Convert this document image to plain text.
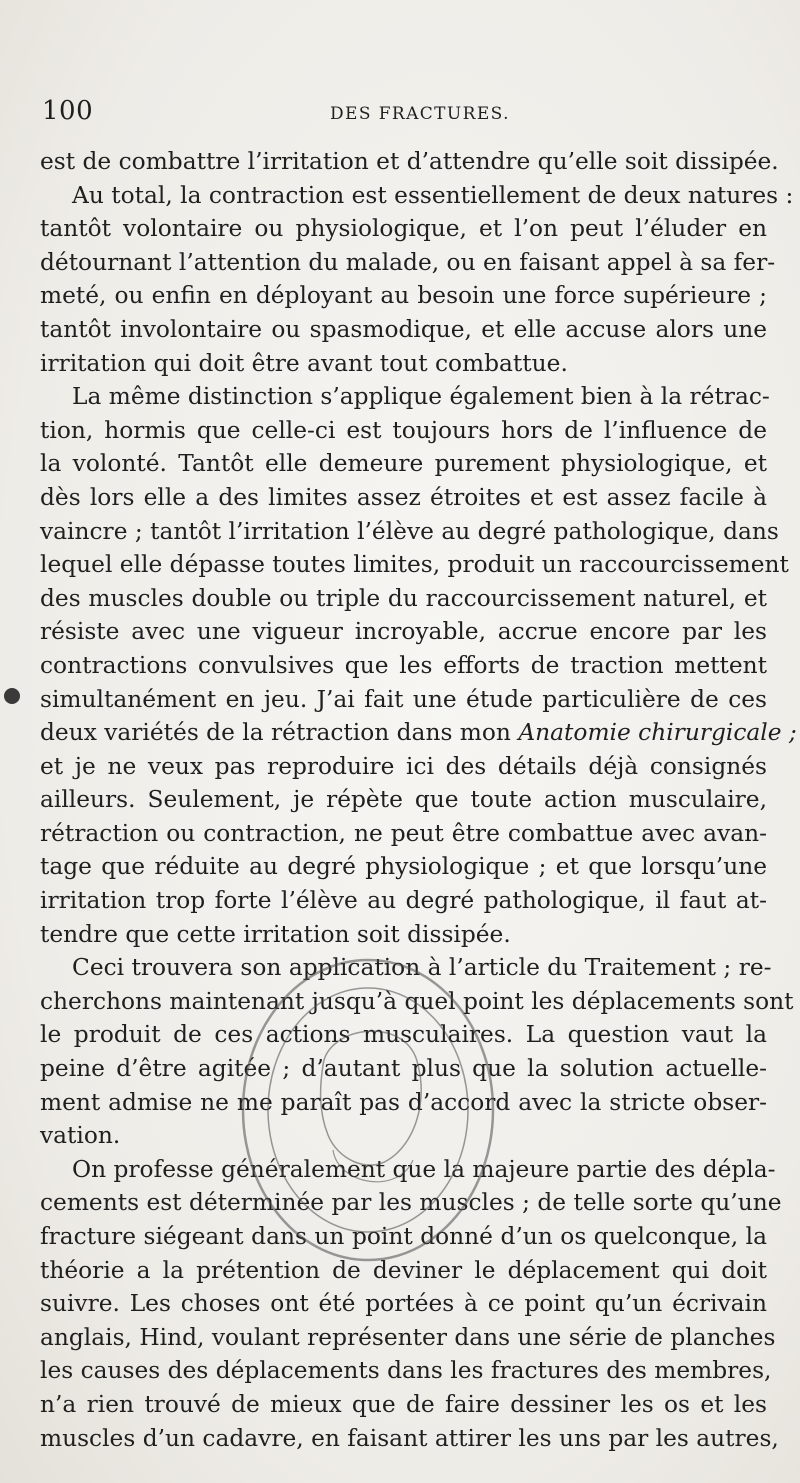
100	DES FRACTURES.
est de combattre l’irritation et d’attendre qu’elle soit dissipée.
Au total, la contraction est essentiellement de deux natures :
tantôt volontaire ou physiologique, et l’on peut l’éluder en
détournant l’attention du malade, ou en faisant appel à sa fer-
meté, ou enfin en déployant au besoin une force supérieure ;
tantôt involontaire ou spasmodique, et elle accuse alors une
irritation qui doit être avant tout combattue.
La même distinction s’applique également bien à la rétrac-
tion, hormis que celle-ci est toujours hors de l’influence de
la volonté. Tantôt elle demeure purement physiologique, et
dès lors elle a des limites assez étroites et est assez facile à
vaincre ; tantôt l’irritation l’élève au degré pathologique, dans
lequel elle dépasse toutes limites, produit un raccourcissement
des muscles double ou triple du raccourcissement naturel, et
résiste avec une vigueur incroyable, accrue encore par les
contractions convulsives que les efforts de traction mettent
simultanément en jeu. J’ai fait une étude particulière de ces
deux variétés de la rétraction dans mon Anatomie chirurgicale ;
et je ne veux pas reproduire ici des détails déjà consignés
ailleurs. Seulement, je répète que toute action musculaire,
rétraction ou contraction, ne peut être combattue avec avan-
tage que réduite au degré physiologique ; et que lorsqu’une
irritation trop forte l’élève au degré pathologique, il faut at-
tendre que cette irritation soit dissipée.
Ceci trouvera son application à l’article du Traitement ; re-
cherchons maintenant jusqu’à quel point les déplacements sont
le produit de ces actions musculaires. La question vaut la
peine d’être agitée ; d’autant plus que la solution actuelle-
ment admise ne me paraît pas d’accord avec la stricte obser-
vation.
On professe généralement que la majeure partie des dépla-
cements est déterminée par les muscles ; de telle sorte qu’une
fracture siégeant dans un point donné d’un os quelconque, la
théorie a la prétention de deviner le déplacement qui doit
suivre. Les choses ont été portées à ce point qu’un écrivain
anglais, Hind, voulant représenter dans une série de planches
les causes des déplacements dans les fractures des membres,
n’a rien trouvé de mieux que de faire dessiner les os et les
muscles d’un cadavre, en faisant attirer les uns par les autres,
